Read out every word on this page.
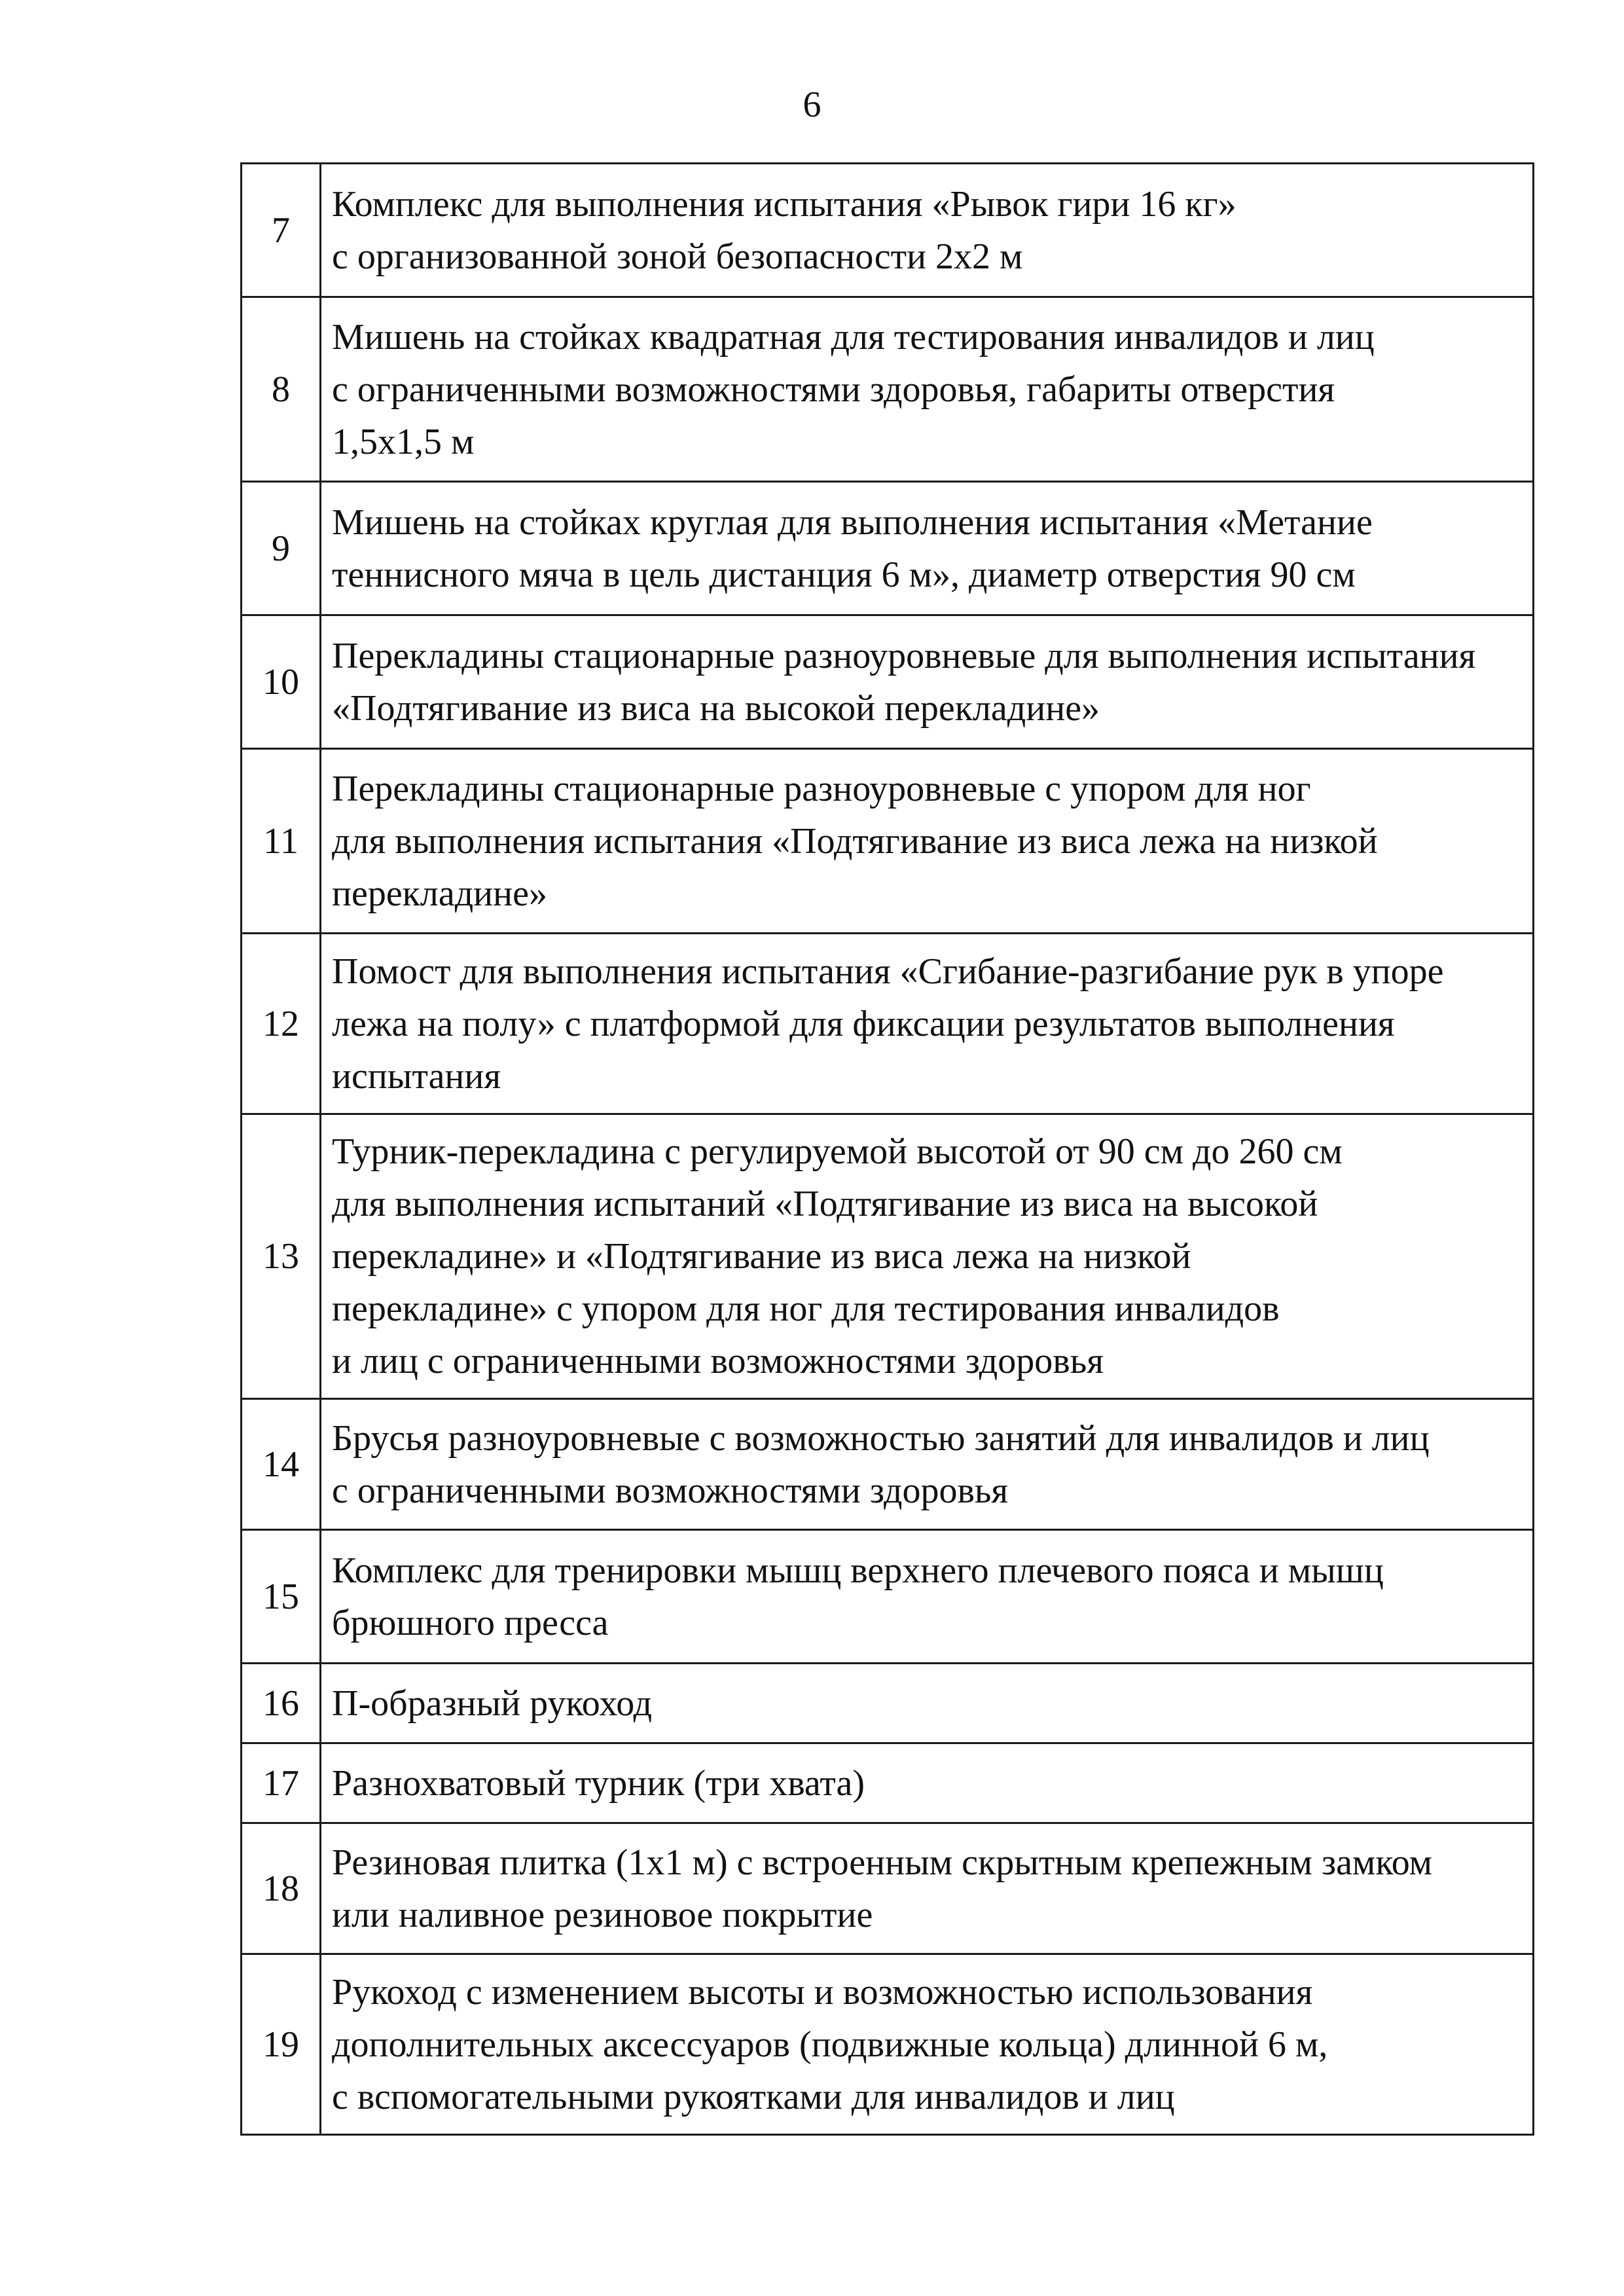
6
7	Комплекс для выполнения испытания «Рывок гири 16 кг»
с организованной зоной безопасности 2х2 м

8	Мишень на стойках квадратная для тестирования инвалидов и лиц
с ограниченными возможностями здоровья, габариты отверстия
1,5х1,5 м

9	Мишень на стойках круглая для выполнения испытания «Метание
теннисного мяча в цель дистанция 6 м», диаметр отверстия 90 см

10	Перекладины стационарные разноуровневые для выполнения испытания
«Подтягивание из виса на высокой перекладине»

11	Перекладины стационарные разноуровневые с упором для ног
для выполнения испытания «Подтягивание из виса лежа на низкой
перекладине»

12	Помост для выполнения испытания «Сгибание-разгибание рук в упоре
лежа на полу» с платформой для фиксации результатов выполнения
испытания

13	Турник-перекладина с регулируемой высотой от 90 см до 260 см
для выполнения испытаний «Подтягивание из виса на высокой
перекладине» и «Подтягивание из виса лежа на низкой
перекладине» с упором для ног для тестирования инвалидов
и лиц с ограниченными возможностями здоровья

14	Брусья разноуровневые с возможностью занятий для инвалидов и лиц
с ограниченными возможностями здоровья

15	Комплекс для тренировки мышц верхнего плечевого пояса и мышц
брюшного пресса

16	П-образный рукоход

17	Разнохватовый турник (три хвата)

18	Резиновая плитка (1х1 м) с встроенным скрытным крепежным замком
или наливное резиновое покрытие

19	Рукоход с изменением высоты и возможностью использования
дополнительных аксессуаров (подвижные кольца) длинной 6 м,
с вспомогательными рукоятками для инвалидов и лиц
